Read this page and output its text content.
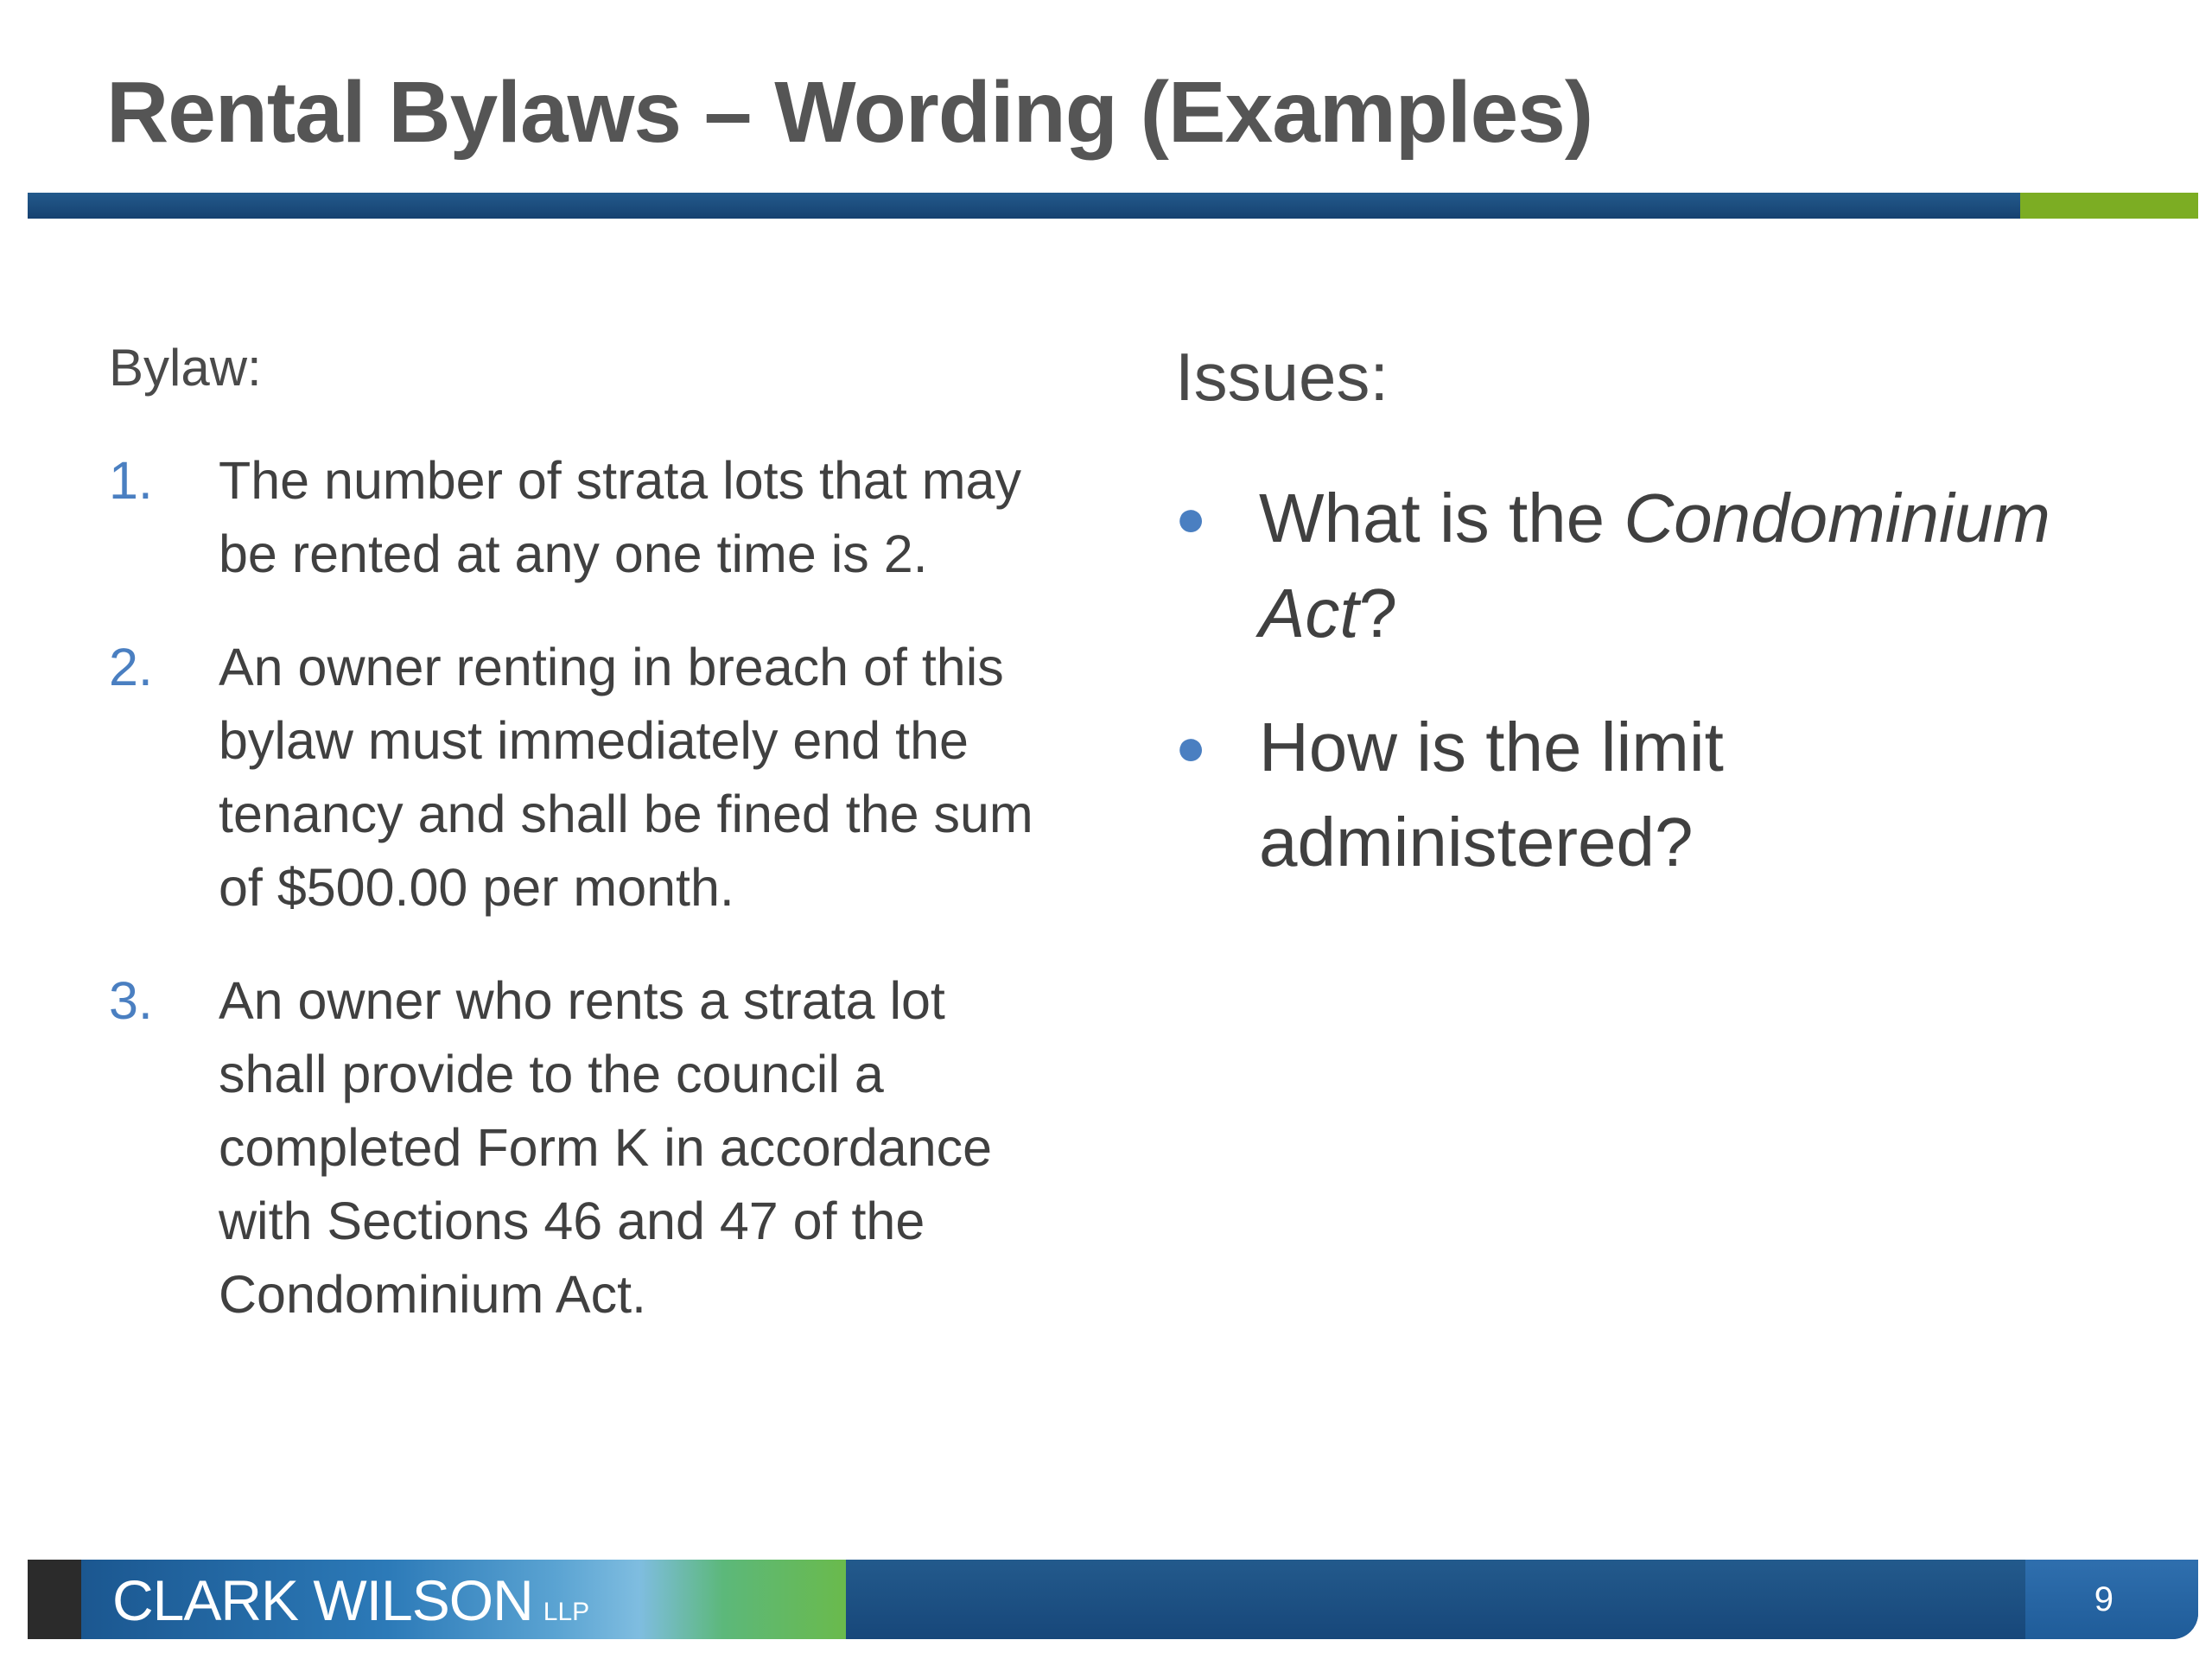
Rental Bylaws – Wording (Examples)
Bylaw:
1.	The number of strata lots that may be rented at any one time is 2.
2.	An owner renting in breach of this bylaw must immediately end the tenancy and shall be fined the sum of $500.00 per month.
3.	An owner who rents a strata lot shall provide to the council a completed Form K in accordance with Sections 46 and 47 of the Condominium Act.
Issues:
● What is the Condominium Act?
● How is the limit administered?
CLARK WILSON LLP	9
